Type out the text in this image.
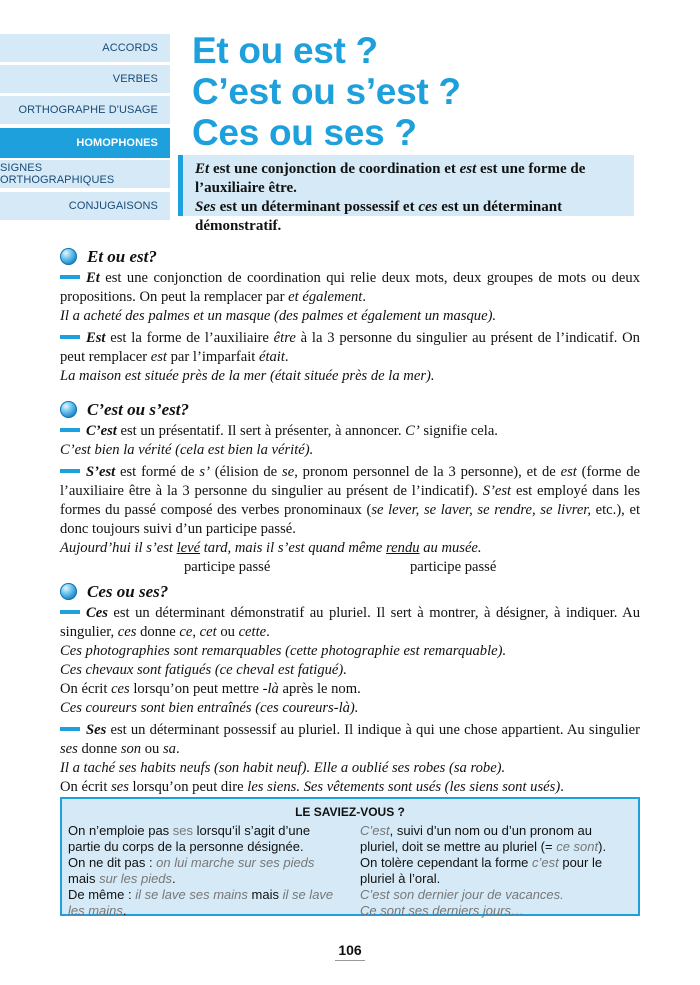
ACCORDS
VERBES
ORTHOGRAPHE D'USAGE
HOMOPHONES
SIGNES ORTHOGRAPHIQUES
CONJUGAISONS
Et ou est ?
C’est ou s’est ?
Ces ou ses ?

Et est une conjonction de coordination et est est une forme de l’auxiliaire être.

Ses est un déterminant possessif et ces est un déterminant démonstratif.

Et ou est?

Et est une conjonction de coordination qui relie deux mots, deux groupes de mots ou deux propositions. On peut la remplacer par et également.

Il a acheté des palmes et un masque (des palmes et également un masque).

Est est la forme de l’auxiliaire être à la 3 personne du singulier au présent de l’indicatif. On peut remplacer est par l’imparfait était.

La maison est située près de la mer (était située près de la mer).

C’est ou s’est?

C’est est un présentatif. Il sert à présenter, à annoncer. C’ signifie cela.

C’est bien la vérité (cela est bien la vérité).

S’est est formé de s’ (élision de se, pronom personnel de la 3 personne), et de est (forme de l’auxiliaire être à la 3 personne du singulier au présent de l’indicatif). S’est est employé dans les formes du passé composé des verbes pronominaux (se lever, se laver, se rendre, se livrer, etc.), et donc toujours suivi d’un participe passé.

Aujourd’hui il s’est levé tard, mais il s’est quand même rendu au musée.

participe passé	participe passé
Ces ou ses?

Ces est un déterminant démonstratif au pluriel. Il sert à montrer, à désigner, à indiquer. Au singulier, ces donne ce, cet ou cette.

Ces photographies sont remarquables (cette photographie est remarquable).

Ces chevaux sont fatigués (ce cheval est fatigué).

On écrit ces lorsqu’on peut mettre -là après le nom.

Ces coureurs sont bien entraînés (ces coureurs-là).

Ses est un déterminant possessif au pluriel. Il indique à qui une chose appartient. Au singulier ses donne son ou sa.

Il a taché ses habits neufs (son habit neuf). Elle a oublié ses robes (sa robe).

On écrit ses lorsqu’on peut dire les siens. Ses vêtements sont usés (les siens sont usés).

LE SAVIEZ-VOUS ?
On n’emploie pas ses lorsqu’il s’agit d’une partie du corps de la personne désignée.
On ne dit pas : on lui marche sur ses pieds mais sur les pieds.
De même : il se lave ses mains mais il se lave les mains.
C’est, suivi d’un nom ou d’un pronom au pluriel, doit se mettre au pluriel (= ce sont).
On tolère cependant la forme c’est pour le pluriel à l’oral.
C’est son dernier jour de vacances.
Ce sont ses derniers jours…
106
